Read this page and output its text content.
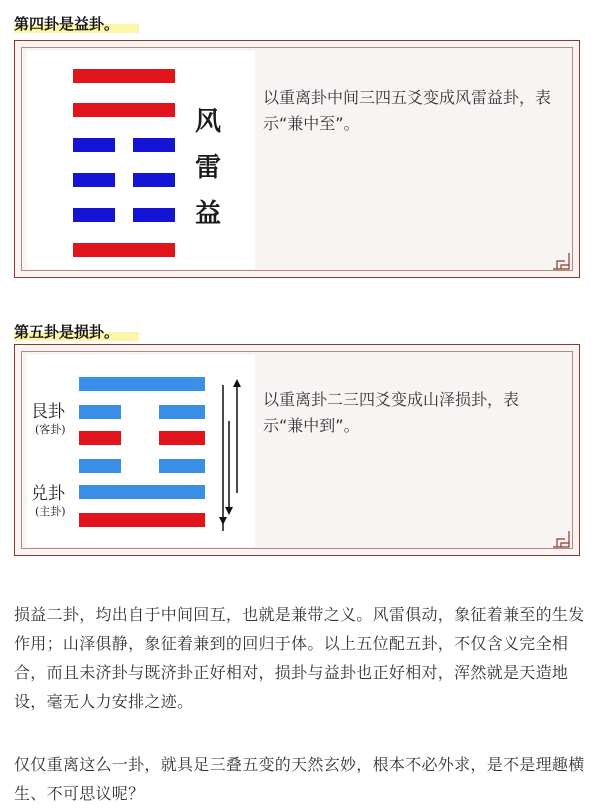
第四卦是益卦。
风
雷
益
以重离卦中间三四五爻变成风雷益卦，表示“兼中至”。
第五卦是损卦。
艮卦
(客卦)
兑卦
(主卦)
以重离卦二三四爻变成山泽损卦，表示“兼中到”。
损益二卦，均出自于中间回互，也就是兼带之义。风雷俱动，象征着兼至的生发作用；山泽俱静，象征着兼到的回归于体。以上五位配五卦，不仅含义完全相合，而且未济卦与既济卦正好相对，损卦与益卦也正好相对，浑然就是天造地设，毫无人力安排之迹。
仅仅重离这么一卦，就具足三叠五变的天然玄妙，根本不必外求，是不是理趣横生、不可思议呢？
